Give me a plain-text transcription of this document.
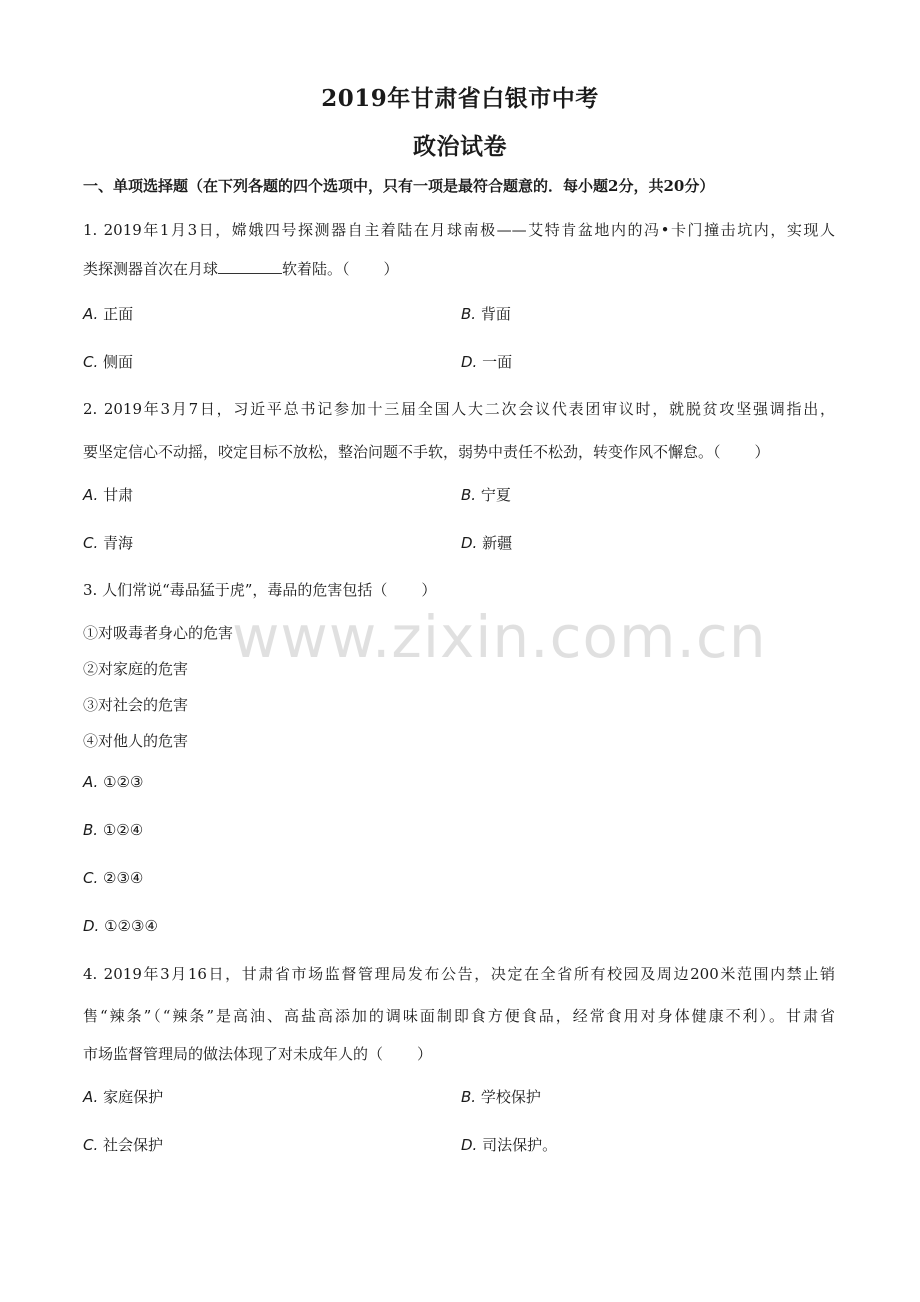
2019年甘肃省白银市中考
政治试卷
一、单项选择题（在下列各题的四个选项中，只有一项是最符合题意的．每小题2分，共20分）
1. 2019年1月3日，嫦娥四号探测器自主着陆在月球南极——艾特肯盆地内的冯•卡门撞击坑内，实现人
类探测器首次在月球	软着陆。（ ）
A. 正面	B. 背面
C. 侧面	D. 一面
2. 2019年3月7日，习近平总书记参加十三届全国人大二次会议代表团审议时，就脱贫攻坚强调指出，
要坚定信心不动摇，咬定目标不放松，整治问题不手软，弱势中责任不松劲，转变作风不懈怠。（ ）
A. 甘肃	B. 宁夏
C. 青海	D. 新疆
3. 人们常说“毒品猛于虎”，毒品的危害包括（ ）
①对吸毒者身心的危害
②对家庭的危害
③对社会的危害
④对他人的危害
A. ①②③
B. ①②④
C. ②③④
D. ①②③④
4. 2019年3月16日，甘肃省市场监督管理局发布公告，决定在全省所有校园及周边200米范围内禁止销
售“辣条”（“辣条”是高油、高盐高添加的调味面制即食方便食品，经常食用对身体健康不利）。甘肃省
市场监督管理局的做法体现了对未成年人的（ ）
A. 家庭保护	B. 学校保护
C. 社会保护	D. 司法保护。
www.zixin.com.cn
